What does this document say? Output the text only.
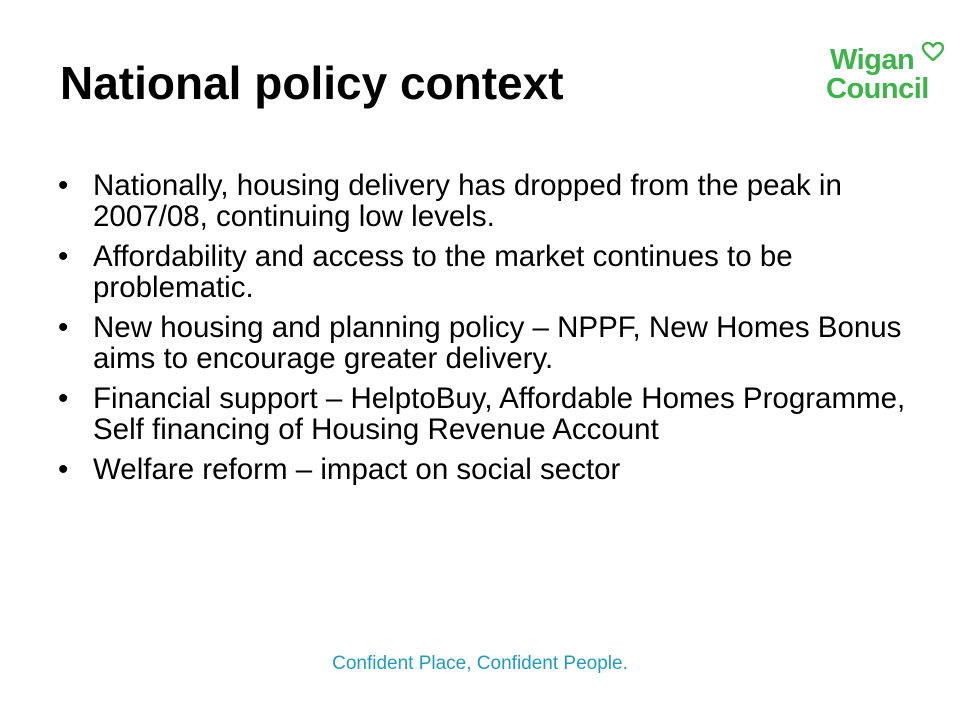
National policy context	Wigan
Council
• Nationally, housing delivery has dropped from the peak in 2007/08, continuing low levels.
• Affordability and access to the market continues to be problematic.
• New housing and planning policy – NPPF, New Homes Bonus aims to encourage greater delivery.
• Financial support – HelptoBuy, Affordable Homes Programme, Self financing of Housing Revenue Account
• Welfare reform – impact on social sector
Confident Place, Confident People.
